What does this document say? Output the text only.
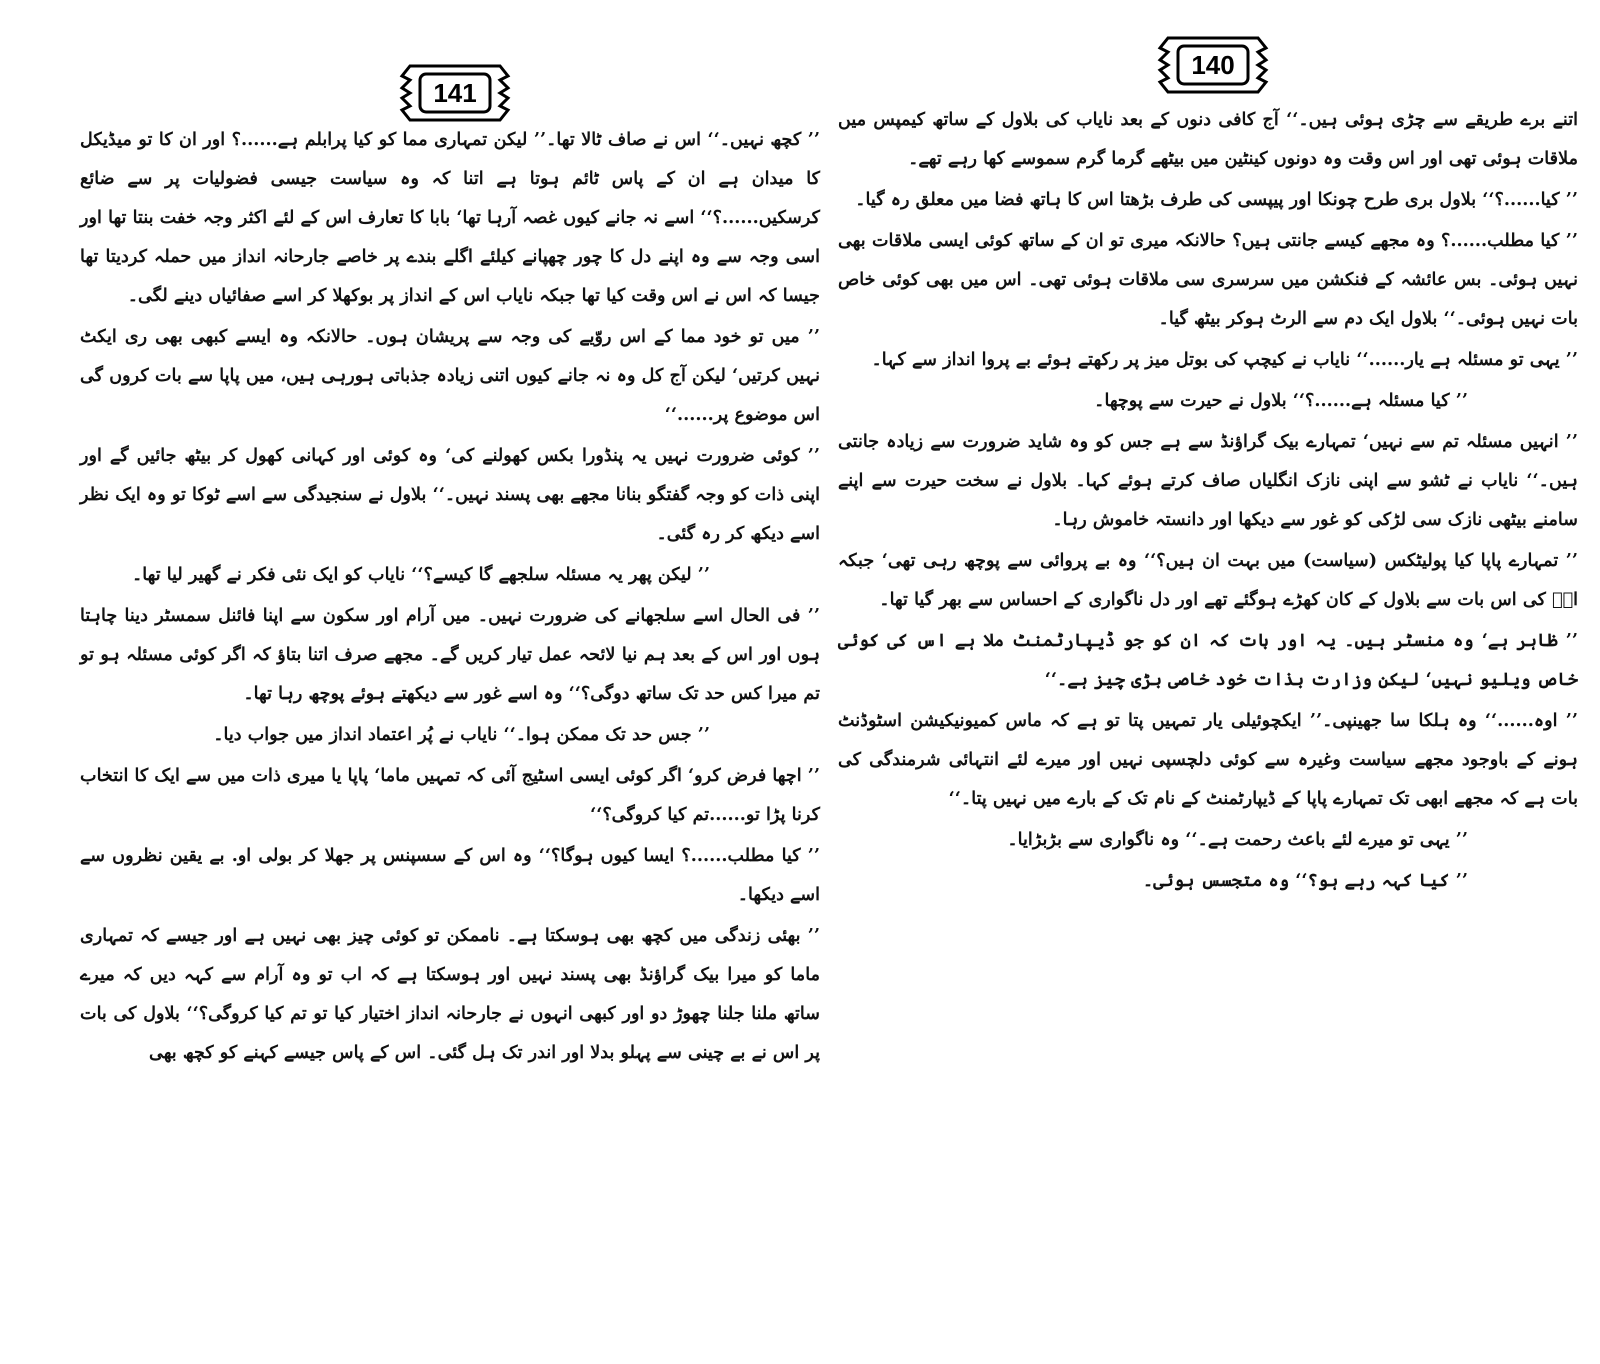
141

’’ کچھ نہیں۔‘‘ اس نے صاف ٹالا تھا۔’’ لیکن تمہاری مما کو کیا پرابلم ہے......؟ اور ان کا تو میڈیکل کا میدان ہے ان کے پاس ٹائم ہوتا ہے اتنا کہ وہ سیاست جیسی فضولیات پر سے ضائع کرسکیں......؟‘‘ اسے نہ جانے کیوں غصہ آرہا تھا‘ بابا کا تعارف اس کے لئے اکثر وجہ خفت بنتا تھا اور اسی وجہ سے وہ اپنے دل کا چور چھپانے کیلئے اگلے بندے پر خاصے جارحانہ انداز میں حملہ کردیتا تھا جیسا کہ اس نے اس وقت کیا تھا جبکہ نایاب اس کے انداز پر بوکھلا کر اسے صفائیاں دینے لگی۔

’’ میں تو خود مما کے اس روّیے کی وجہ سے پریشان ہوں۔ حالانکہ وہ ایسے کبھی بھی ری ایکٹ نہیں کرتیں‘ لیکن آج کل وہ نہ جانے کیوں اتنی زیادہ جذباتی ہورہی ہیں، میں پاپا سے بات کروں گی اس موضوع پر......‘‘

’’ کوئی ضرورت نہیں یہ پنڈورا بکس کھولنے کی‘ وہ کوئی اور کہانی کھول کر بیٹھ جائیں گے اور اپنی ذات کو وجہ گفتگو بنانا مجھے بھی پسند نہیں۔‘‘ بلاول نے سنجیدگی سے اسے ٹوکا تو وہ ایک نظر اسے دیکھ کر رہ گئی۔

’’ لیکن پھر یہ مسئلہ سلجھے گا کیسے؟‘‘ نایاب کو ایک نئی فکر نے گھیر لیا تھا۔

’’ فی الحال اسے سلجھانے کی ضرورت نہیں۔ میں آرام اور سکون سے اپنا فائنل سمسٹر دینا چاہتا ہوں اور اس کے بعد ہم نیا لائحہ عمل تیار کریں گے۔ مجھے صرف اتنا بتاؤ کہ اگر کوئی مسئلہ ہو تو تم میرا کس حد تک ساتھ دوگی؟‘‘ وہ اسے غور سے دیکھتے ہوئے پوچھ رہا تھا۔

’’ جس حد تک ممکن ہوا۔‘‘ نایاب نے پُر اعتماد انداز میں جواب دیا۔

’’ اچھا فرض کرو‘ اگر کوئی ایسی اسٹیج آئی کہ تمہیں ماما‘ پاپا یا میری ذات میں سے ایک کا انتخاب کرنا پڑا تو......تم کیا کروگی؟‘‘

’’ کیا مطلب......؟ ایسا کیوں ہوگا؟‘‘ وہ اس کے سسپنس پر جھلا کر بولی او. بے یقین نظروں سے اسے دیکھا۔

’’ بھئی زندگی میں کچھ بھی ہوسکتا ہے۔ ناممکن تو کوئی چیز بھی نہیں ہے اور جیسے کہ تمہاری ماما کو میرا بیک گراؤنڈ بھی پسند نہیں اور ہوسکتا ہے کہ اب تو وہ آرام سے کہہ دیں کہ میرے ساتھ ملنا جلنا چھوڑ دو اور کبھی انہوں نے جارحانہ انداز اختیار کیا تو تم کیا کروگی؟‘‘ بلاول کی بات پر اس نے بے چینی سے پہلو بدلا اور اندر تک ہل گئی۔ اس کے پاس جیسے کہنے کو کچھ بھی

140

اتنے برے طریقے سے چڑی ہوئی ہیں۔‘‘ آج کافی دنوں کے بعد نایاب کی بلاول کے ساتھ کیمپس میں ملاقات ہوئی تھی اور اس وقت وہ دونوں کینٹین میں بیٹھے گرما گرم سموسے کھا رہے تھے۔

’’ کیا......؟‘‘ بلاول بری طرح چونکا اور پیپسی کی طرف بڑھتا اس کا ہاتھ فضا میں معلق رہ گیا۔

’’ کیا مطلب......؟ وہ مجھے کیسے جانتی ہیں؟ حالانکہ میری تو ان کے ساتھ کوئی ایسی ملاقات بھی نہیں ہوئی۔ بس عائشہ کے فنکشن میں سرسری سی ملاقات ہوئی تھی۔ اس میں بھی کوئی خاص بات نہیں ہوئی۔‘‘ بلاول ایک دم سے الرٹ ہوکر بیٹھ گیا۔

’’ یہی تو مسئلہ ہے یار......‘‘ نایاب نے کیچپ کی بوتل میز پر رکھتے ہوئے بے پروا انداز سے کہا۔

’’ کیا مسئلہ ہے......؟‘‘ بلاول نے حیرت سے پوچھا۔

’’ انہیں مسئلہ تم سے نہیں‘ تمہارے بیک گراؤنڈ سے ہے جس کو وہ شاید ضرورت سے زیادہ جانتی ہیں۔‘‘ نایاب نے ٹشو سے اپنی نازک انگلیاں صاف کرتے ہوئے کہا۔ بلاول نے سخت حیرت سے اپنے سامنے بیٹھی نازک سی لڑکی کو غور سے دیکھا اور دانستہ خاموش رہا۔

’’ تمہارے پاپا کیا پولیٹکس (سیاست) میں بہت ان ہیں؟‘‘ وہ بے پروائی سے پوچھ رہی تھی‘ جبکہ اسؔ کی اس بات سے بلاول کے کان کھڑے ہوگئے تھے اور دل ناگواری کے احساس سے بھر گیا تھا۔

’’ ظاہر ہے‘ وہ منسٹر ہیں۔ یہ اور بات کہ ان کو جو ڈیپارٹمنٹ ملا ہے اس کی کوئی خاص ویلیو نہیں‘ لیکن وزارت بذات خود خاصی بڑی چیز ہے۔‘‘

’’ اوہ......‘‘ وہ ہلکا سا جھینپی۔’’ ایکچوئیلی یار تمہیں پتا تو ہے کہ ماس کمیونیکیشن اسٹوڈنٹ ہونے کے باوجود مجھے سیاست وغیرہ سے کوئی دلچسپی نہیں اور میرے لئے انتہائی شرمندگی کی بات ہے کہ مجھے ابھی تک تمہارے پاپا کے ڈیپارٹمنٹ کے نام تک کے بارے میں نہیں پتا۔‘‘

’’ یہی تو میرے لئے باعث رحمت ہے۔‘‘ وہ ناگواری سے بڑبڑایا۔

’’ کیا کہہ رہے ہو؟‘‘ وہ متجسس ہوئی۔
